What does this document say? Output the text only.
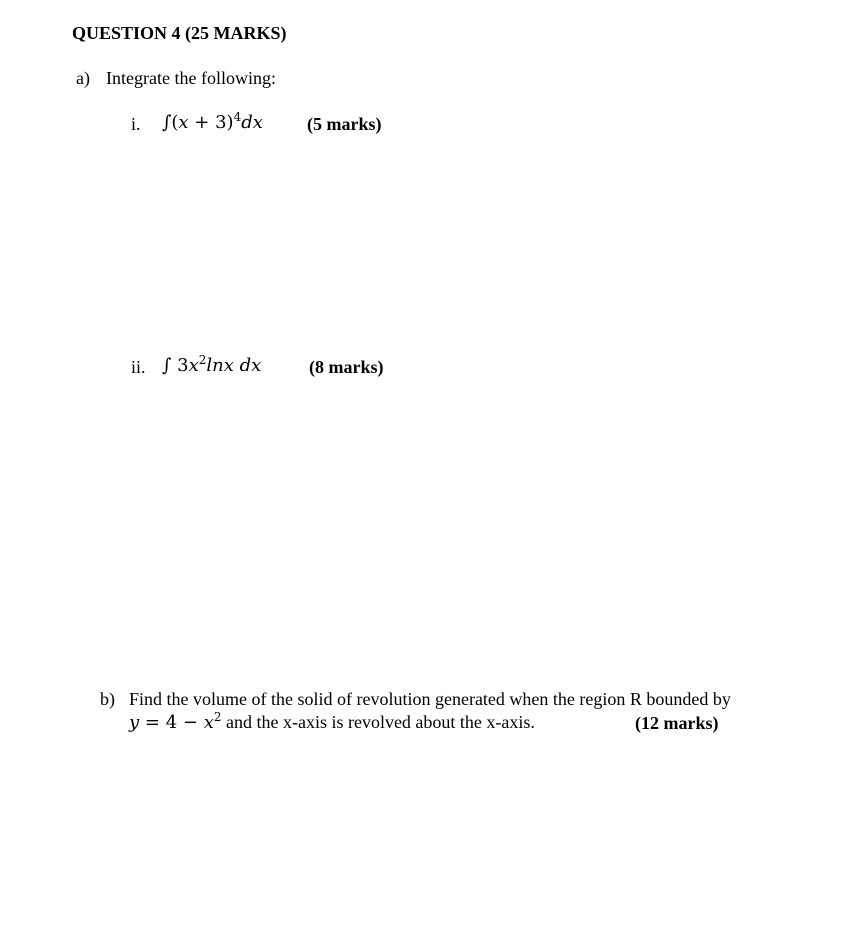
QUESTION 4 (25 MARKS)
a) Integrate the following:
i. $\int(x + 3)^4dx$ (5 marks)
ii. ∫ $3x^2\ln x$ dx	(8 marks)
b) Find the volume of the solid of revolution generated when the region R bounded by
$y = 4 - x^2$ and the x-axis is revolved about the x-axis.	(12 marks)
